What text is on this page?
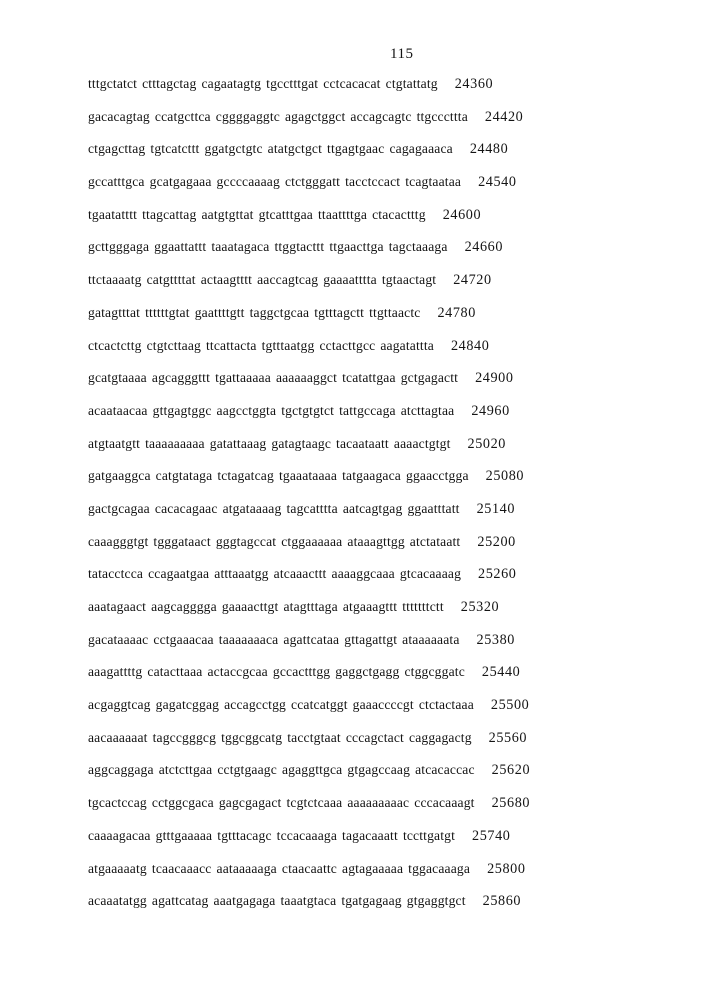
115
tttgctatct ctttagctag cagaatagtg tgcctttgat cctcacacat ctgtattatg 24360
gacacagtag ccatgcttca cggggaggtc agagctggct accagcagtc ttgcccttta 24420
ctgagcttag tgtcatcttt ggatgctgtc atatgctgct ttgagtgaac cagagaaaca 24480
gccatttgca gcatgagaaa gccccaaaag ctctgggatt tacctccact tcagtaataa 24540
tgaatatttt ttagcattag aatgtgttat gtcatttgaa ttaattttga ctacactttg 24600
gcttgggaga ggaattattt taaatagaca ttggtacttt ttgaacttga tagctaaaga 24660
ttctaaaatg catgttttat actaagtttt aaccagtcag gaaaatttta tgtaactagt 24720
gatagtttat ttttttgtat gaattttgtt taggctgcaa tgtttagctt ttgttaactc 24780
ctcactcttg ctgtcttaag ttcattacta tgtttaatgg cctacttgcc aagatattta 24840
gcatgtaaaa agcagggttt tgattaaaaa aaaaaaggct tcatattgaa gctgagactt 24900
acaataacaa gttgagtggc aagcctggta tgctgtgtct tattgccaga atcttagtaa 24960
atgtaatgtt taaaaaaaaa gatattaaag gatagtaagc tacaataatt aaaactgtgt 25020
gatgaaggca catgtataga tctagatcag tgaaataaaa tatgaagaca ggaacctgga 25080
gactgcagaa cacacagaac atgataaaag tagcatttta aatcagtgag ggaatttatt 25140
caaagggtgt tgggataact gggtagccat ctggaaaaaa ataaagttgg atctataatt 25200
tatacctcca ccagaatgaa atttaaatgg atcaaacttt aaaaggcaaa gtcacaaaag 25260
aaatagaact aagcagggga gaaaacttgt atagtttaga atgaaagttt tttttttctt 25320
gacataaaac cctgaaacaa taaaaaaaca agattcataa gttagattgt ataaaaaata 25380
aaagattttg catacttaaa actaccgcaa gccactttgg gaggctgagg ctggcggatc 25440
acgaggtcag gagatcggag accagcctgg ccatcatggt gaaaccccgt ctctactaaa 25500
aacaaaaaat tagccgggcg tggcggcatg tacctgtaat cccagctact caggagactg 25560
aggcaggaga atctcttgaa cctgtgaagc agaggttgca gtgagccaag atcacaccac 25620
tgcactccag cctggcgaca gagcgagact tcgtctcaaa aaaaaaaaac cccacaaagt 25680
caaaagacaa gtttgaaaaa tgtttacagc tccacaaaga tagacaaatt tccttgatgt 25740
atgaaaaatg tcaacaaacc aataaaaaga ctaacaattc agtagaaaaa tggacaaaga 25800
acaaatatgg agattcatag aaatgagaga taaatgtaca tgatgagaag gtgaggtgct 25860
